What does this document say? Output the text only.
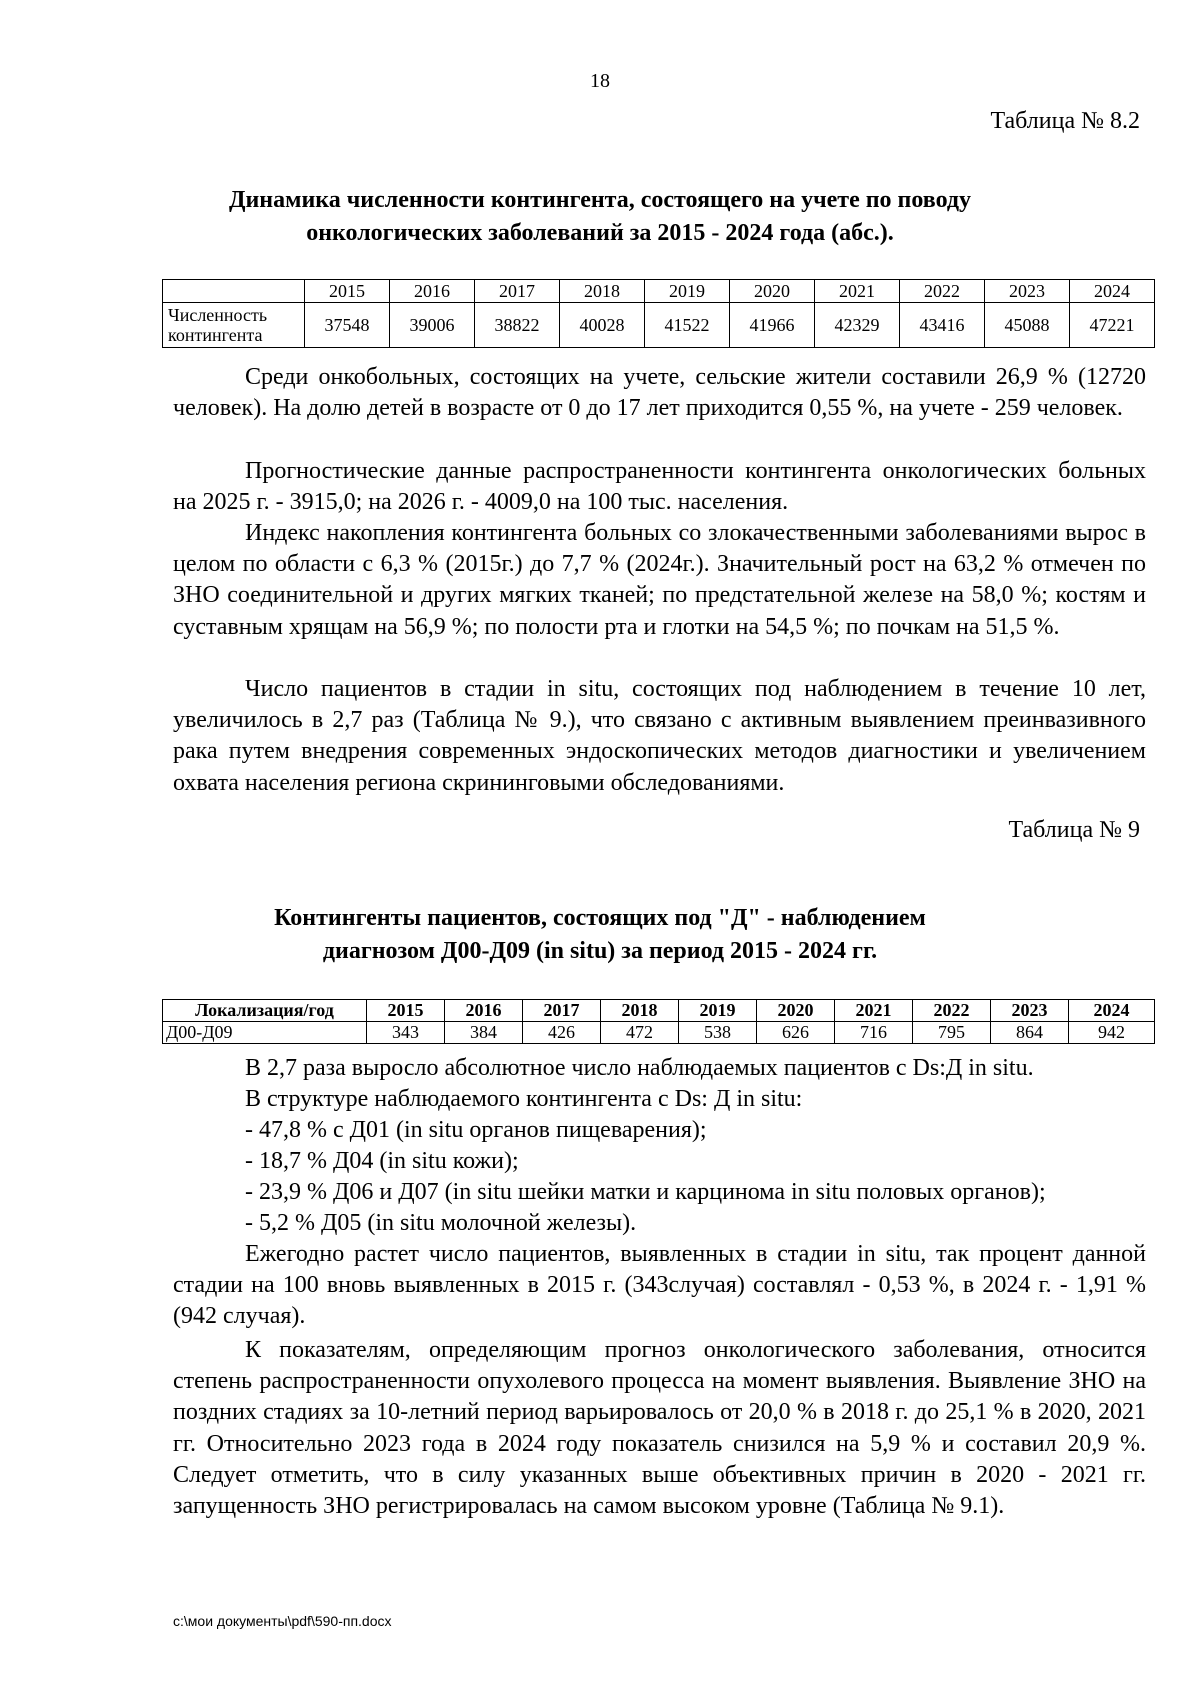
18
Таблица № 8.2
Динамика численности контингента, состоящего на учете по поводу
онкологических заболеваний за 2015 - 2024 года (абс.).
	2015	2016	2017	2018	2019	2020	2021	2022	2023	2024

Численность
контингента	37548	39006	38822	40028	41522	41966	42329	43416	45088	47221

Среди онкобольных, состоящих на учете, сельские жители составили 26,9 % (12720 человек). На долю детей в возрасте от 0 до 17 лет приходится 0,55 %, на учете - 259 человек.

Прогностические данные распространенности контингента онкологических больных на 2025 г. - 3915,0; на 2026 г. - 4009,0 на 100 тыс. населения.

Индекс накопления контингента больных со злокачественными заболеваниями вырос в целом по области с 6,3 % (2015г.) до 7,7 % (2024г.). Значительный рост на 63,2 % отмечен по ЗНО соединительной и других мягких тканей; по предстательной железе на 58,0 %; костям и суставным хрящам на 56,9 %; по полости рта и глотки на 54,5 %; по почкам на 51,5 %.

Число пациентов в стадии in situ, состоящих под наблюдением в течение 10 лет, увеличилось в 2,7 раз (Таблица № 9.), что связано с активным выявлением преинвазивного рака путем внедрения современных эндоскопических методов диагностики и увеличением охвата населения региона скрининговыми обследованиями.

Таблица № 9
Контингенты пациентов, состоящих под "Д" - наблюдением
диагнозом Д00-Д09 (in situ) за период 2015 - 2024 гг.
Локализация/год	2015	2016	2017	2018	2019	2020	2021	2022	2023	2024
Д00-Д09	343	384	426	472	538	626	716	795	864	942

В 2,7 раза выросло абсолютное число наблюдаемых пациентов с Ds:Д in situ.

В структуре наблюдаемого контингента с Ds: Д in situ:

- 47,8 % с Д01 (in situ органов пищеварения);

- 18,7 % Д04 (in situ кожи);

- 23,9 % Д06 и Д07 (in situ шейки матки и карцинома in situ половых органов);

- 5,2 % Д05 (in situ молочной железы).

Ежегодно растет число пациентов, выявленных в стадии in situ, так процент данной стадии на 100 вновь выявленных в 2015 г. (343случая) составлял - 0,53 %, в 2024 г. - 1,91 % (942 случая).

К показателям, определяющим прогноз онкологического заболевания, относится степень распространенности опухолевого процесса на момент выявления. Выявление ЗНО на поздних стадиях за 10-летний период варьировалось от 20,0 % в 2018 г. до 25,1 % в 2020, 2021 гг. Относительно 2023 года в 2024 году показатель снизился на 5,9 % и составил 20,9 %. Следует отметить, что в силу указанных выше объективных причин в 2020 - 2021 гг. запущенность ЗНО регистрировалась на самом высоком уровне (Таблица № 9.1).

c:\мои документы\pdf\590-пп.docx
